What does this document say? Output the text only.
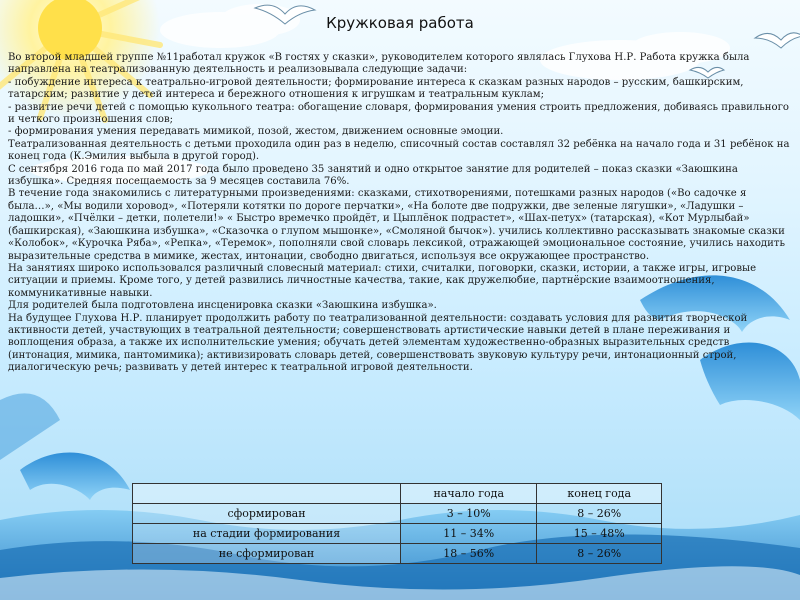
Кружковая работа

Во второй младшей группе №11работал кружок «В гостях у сказки», руководителем которого являлась Глухова Н.Р. Работа кружка была направлена на театрализованную деятельность и реализовывала следующие задачи:

- побуждение интереса к театрально-игровой деятельности; формирование интереса к сказкам разных народов – русским, башкирским, татарским; развитие у детей интереса и бережного отношения к игрушкам и театральным куклам;

- развитие речи детей с помощью кукольного театра: обогащение словаря, формирования умения строить предложения, добиваясь правильного и четкого произношения слов;

- формирования умения передавать мимикой, позой, жестом, движением основные эмоции.

Театрализованная деятельность с детьми проходила один раз в неделю, списочный состав составлял 32 ребёнка на начало года и 31 ребёнок на конец года (К.Эмилия выбыла в другой город).

С сентября 2016 года по май 2017 года было проведено 35 занятий и одно открытое занятие для родителей – показ сказки «Заюшкина избушка». Средняя посещаемость за 9 месяцев составила 76%.

В течение года знакомились с литературными произведениями: сказками, стихотворениями, потешками разных народов («Во садочке я была…», «Мы водили хоровод», «Потеряли котятки по дороге перчатки», «На болоте две подружки, две зеленые лягушки», «Ладушки – ладошки», «Пчёлки – детки, полетели!» « Быстро времечко пройдёт, и Цыплёнок подрастет», «Шах-петух» (татарская), «Кот Мурлыбай» (башкирская), «Заюшкина избушка», «Сказочка о глупом мышонке», «Смоляной бычок»). учились коллективно рассказывать знакомые сказки «Колобок», «Курочка Ряба», «Репка», «Теремок», пополняли свой словарь лексикой, отражающей эмоциональное состояние, учились находить выразительные средства в мимике, жестах, интонации, свободно двигаться, используя все окружающее пространство.

На занятиях широко использовался различный словесный материал: стихи, считалки, поговорки, сказки, истории, а также игры, игровые ситуации и приемы. Кроме того, у детей развились личностные качества, такие, как дружелюбие, партнёрские взаимоотношения, коммуникативные навыки.

Для родителей была подготовлена инсценировка сказки «Заюшкина избушка».

На будущее Глухова Н.Р. планирует продолжить работу по театрализованной деятельности: создавать условия для развития творческой активности детей, участвующих в театральной деятельности; совершенствовать артистические навыки детей в плане переживания и воплощения образа, а также их исполнительские умения; обучать детей элементам художественно-образных выразительных средств (интонация, мимика, пантомимика); активизировать словарь детей, совершенствовать звуковую культуру речи, интонационный строй, диалогическую речь; развивать у детей интерес к театральной игровой деятельности.

	начало года	конец года
сформирован	3 – 10%	8 – 26%
на стадии формирования	11 – 34%	15 – 48%
не сформирован	18 – 56%	8 – 26%
